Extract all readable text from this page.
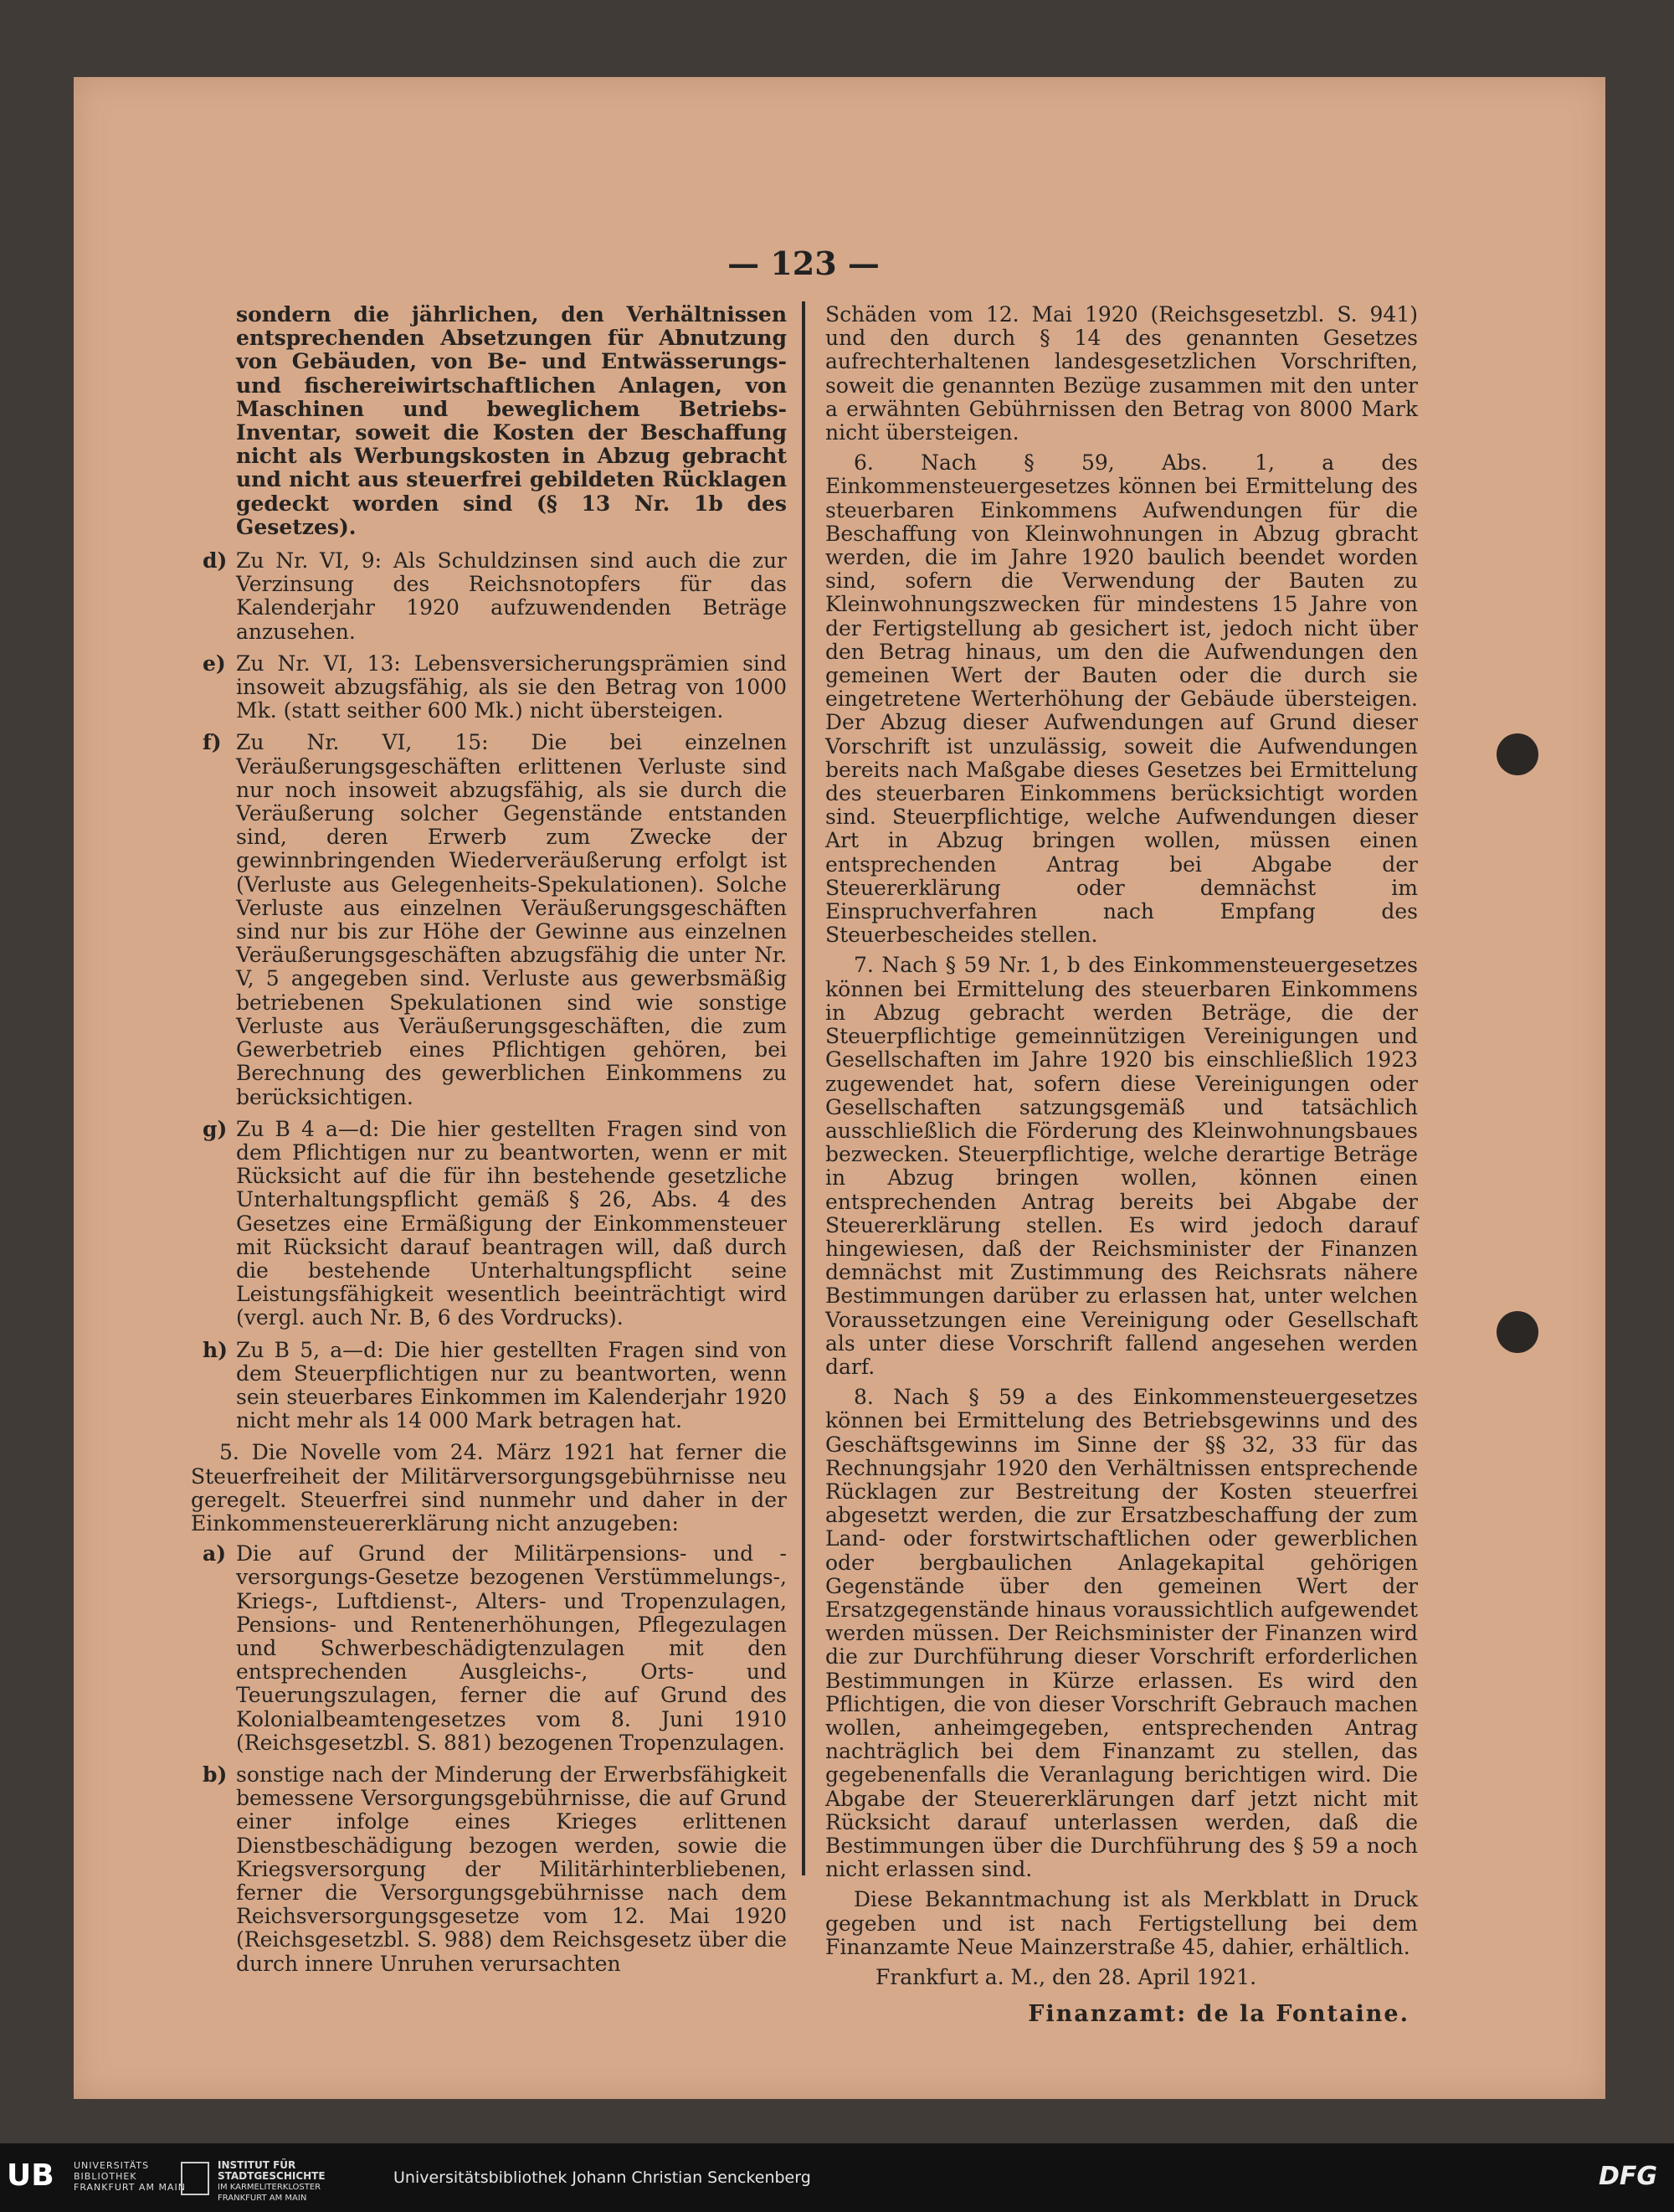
— 123 —

sondern die jährlichen, den Verhältnissen entsprechenden Absetzungen für Abnutzung von Gebäuden, von Be- und Entwässerungs- und fischereiwirtschaftlichen Anlagen, von Maschinen und beweglichem Betriebs-Inventar, soweit die Kosten der Beschaffung nicht als Werbungskosten in Abzug gebracht und nicht aus steuerfrei gebildeten Rücklagen gedeckt worden sind (§ 13 Nr. 1b des Gesetzes).

d) Zu Nr. VI, 9: Als Schuldzinsen sind auch die zur Verzinsung des Reichsnotopfers für das Kalenderjahr 1920 aufzuwendenden Beträge anzusehen.

e) Zu Nr. VI, 13: Lebensversicherungsprämien sind insoweit abzugsfähig, als sie den Betrag von 1000 Mk. (statt seither 600 Mk.) nicht übersteigen.

f) Zu Nr. VI, 15: Die bei einzelnen Veräußerungsgeschäften erlittenen Verluste sind nur noch insoweit abzugsfähig, als sie durch die Veräußerung solcher Gegenstände entstanden sind, deren Erwerb zum Zwecke der gewinnbringenden Wiederveräußerung erfolgt ist (Verluste aus Gelegenheits-Spekulationen). Solche Verluste aus einzelnen Veräußerungsgeschäften sind nur bis zur Höhe der Gewinne aus einzelnen Veräußerungsgeschäften abzugsfähig die unter Nr. V, 5 angegeben sind. Verluste aus gewerbsmäßig betriebenen Spekulationen sind wie sonstige Verluste aus Veräußerungsgeschäften, die zum Gewerbetrieb eines Pflichtigen gehören, bei Berechnung des gewerblichen Einkommens zu berücksichtigen.

g) Zu B 4 a—d: Die hier gestellten Fragen sind von dem Pflichtigen nur zu beantworten, wenn er mit Rücksicht auf die für ihn bestehende gesetzliche Unterhaltungspflicht gemäß § 26, Abs. 4 des Gesetzes eine Ermäßigung der Einkommensteuer mit Rücksicht darauf beantragen will, daß durch die bestehende Unterhaltungspflicht seine Leistungsfähigkeit wesentlich beeinträchtigt wird (vergl. auch Nr. B, 6 des Vordrucks).

h) Zu B 5, a—d: Die hier gestellten Fragen sind von dem Steuerpflichtigen nur zu beantworten, wenn sein steuerbares Einkommen im Kalenderjahr 1920 nicht mehr als 14 000 Mark betragen hat.

5. Die Novelle vom 24. März 1921 hat ferner die Steuerfreiheit der Militärversorgungsgebührnisse neu geregelt. Steuerfrei sind nunmehr und daher in der Einkommensteuererklärung nicht anzugeben:

a) Die auf Grund der Militärpensions- und -versorgungs-Gesetze bezogenen Verstümmelungs-, Kriegs-, Luftdienst-, Alters- und Tropenzulagen, Pensions- und Rentenerhöhungen, Pflegezulagen und Schwerbeschädigtenzulagen mit den entsprechenden Ausgleichs-, Orts- und Teuerungszulagen, ferner die auf Grund des Kolonialbeamtengesetzes vom 8. Juni 1910 (Reichsgesetzbl. S. 881) bezogenen Tropenzulagen.

b) sonstige nach der Minderung der Erwerbsfähigkeit bemessene Versorgungsgebührnisse, die auf Grund einer infolge eines Krieges erlittenen Dienstbeschädigung bezogen werden, sowie die Kriegsversorgung der Militärhinterbliebenen, ferner die Versorgungsgebührnisse nach dem Reichsversorgungsgesetze vom 12. Mai 1920 (Reichsgesetzbl. S. 988) dem Reichsgesetz über die durch innere Unruhen verursachten

Schäden vom 12. Mai 1920 (Reichsgesetzbl. S. 941) und den durch § 14 des genannten Gesetzes aufrechterhaltenen landesgesetzlichen Vorschriften, soweit die genannten Bezüge zusammen mit den unter a erwähnten Gebührnissen den Betrag von 8000 Mark nicht übersteigen.

6. Nach § 59, Abs. 1, a des Einkommensteuergesetzes können bei Ermittelung des steuerbaren Einkommens Aufwendungen für die Beschaffung von Kleinwohnungen in Abzug gbracht werden, die im Jahre 1920 baulich beendet worden sind, sofern die Verwendung der Bauten zu Kleinwohnungszwecken für mindestens 15 Jahre von der Fertigstellung ab gesichert ist, jedoch nicht über den Betrag hinaus, um den die Aufwendungen den gemeinen Wert der Bauten oder die durch sie eingetretene Werterhöhung der Gebäude übersteigen. Der Abzug dieser Aufwendungen auf Grund dieser Vorschrift ist unzulässig, soweit die Aufwendungen bereits nach Maßgabe dieses Gesetzes bei Ermittelung des steuerbaren Einkommens berücksichtigt worden sind. Steuerpflichtige, welche Aufwendungen dieser Art in Abzug bringen wollen, müssen einen entsprechenden Antrag bei Abgabe der Steuererklärung oder demnächst im Einspruchverfahren nach Empfang des Steuerbescheides stellen.

7. Nach § 59 Nr. 1, b des Einkommensteuergesetzes können bei Ermittelung des steuerbaren Einkommens in Abzug gebracht werden Beträge, die der Steuerpflichtige gemeinnützigen Vereinigungen und Gesellschaften im Jahre 1920 bis einschließlich 1923 zugewendet hat, sofern diese Vereinigungen oder Gesellschaften satzungsgemäß und tatsächlich ausschließlich die Förderung des Kleinwohnungsbaues bezwecken. Steuerpflichtige, welche derartige Beträge in Abzug bringen wollen, können einen entsprechenden Antrag bereits bei Abgabe der Steuererklärung stellen. Es wird jedoch darauf hingewiesen, daß der Reichsminister der Finanzen demnächst mit Zustimmung des Reichsrats nähere Bestimmungen darüber zu erlassen hat, unter welchen Voraussetzungen eine Vereinigung oder Gesellschaft als unter diese Vorschrift fallend angesehen werden darf.

8. Nach § 59 a des Einkommensteuergesetzes können bei Ermittelung des Betriebsgewinns und des Geschäftsgewinns im Sinne der §§ 32, 33 für das Rechnungsjahr 1920 den Verhältnissen entsprechende Rücklagen zur Bestreitung der Kosten steuerfrei abgesetzt werden, die zur Ersatzbeschaffung der zum Land- oder forstwirtschaftlichen oder gewerblichen oder bergbaulichen Anlagekapital gehörigen Gegenstände über den gemeinen Wert der Ersatzgegenstände hinaus voraussichtlich aufgewendet werden müssen. Der Reichsminister der Finanzen wird die zur Durchführung dieser Vorschrift erforderlichen Bestimmungen in Kürze erlassen. Es wird den Pflichtigen, die von dieser Vorschrift Gebrauch machen wollen, anheimgegeben, entsprechenden Antrag nachträglich bei dem Finanzamt zu stellen, das gegebenenfalls die Veranlagung berichtigen wird. Die Abgabe der Steuererklärungen darf jetzt nicht mit Rücksicht darauf unterlassen werden, daß die Bestimmungen über die Durchführung des § 59 a noch nicht erlassen sind.

Diese Bekanntmachung ist als Merkblatt in Druck gegeben und ist nach Fertigstellung bei dem Finanzamte Neue Mainzerstraße 45, dahier, erhältlich.

Frankfurt a. M., den 28. April 1921.

Finanzamt: de la Fontaine.

UB UNIVERSITÄTS
BIBLIOTHEK
FRANKFURT AM MAIN
INSTITUT FÜR
STADTGESCHICHTE
IM KARMELITERKLOSTER
FRANKFURT AM MAIN
Universitätsbibliothek Johann Christian Senckenberg	DFG
